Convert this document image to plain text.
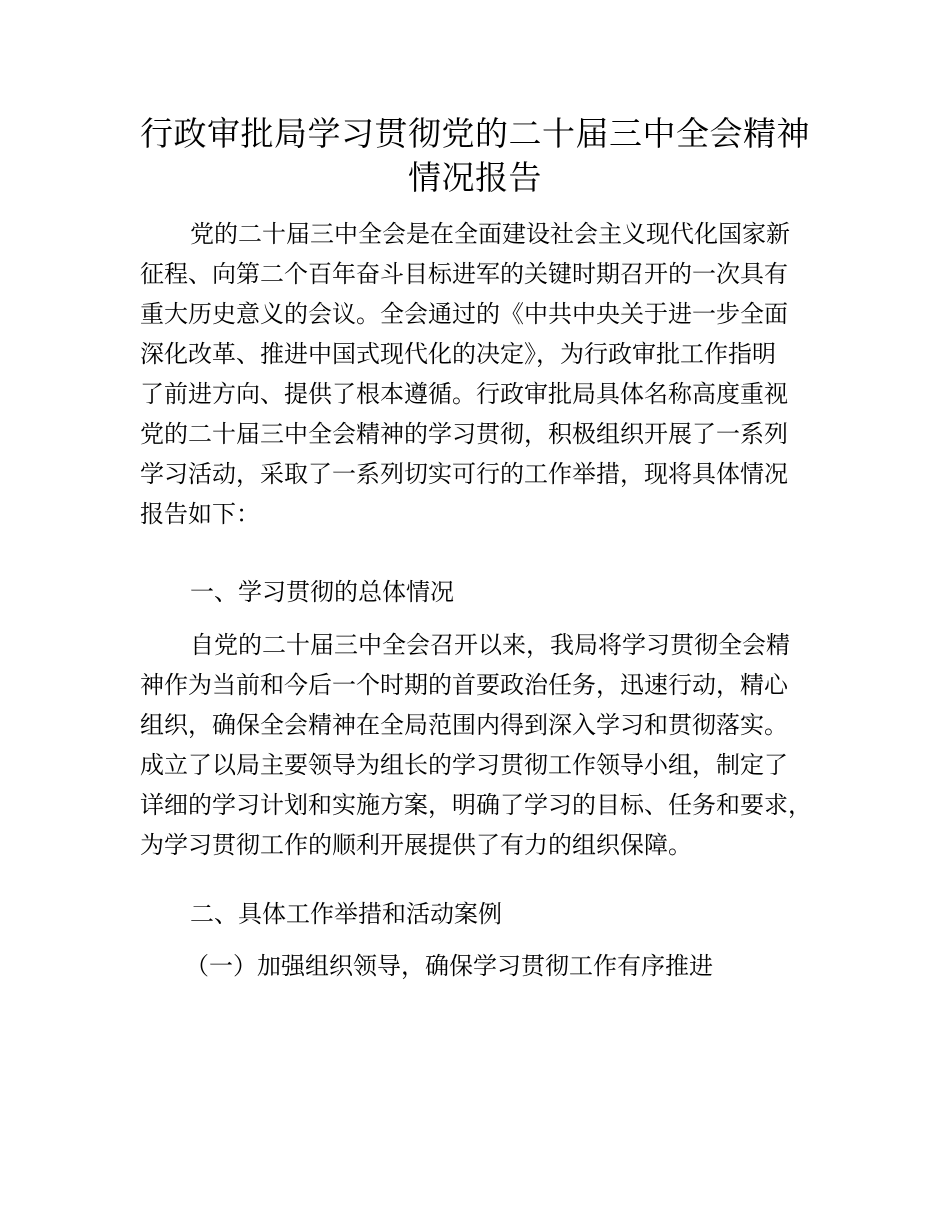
行政审批局学习贯彻党的二十届三中全会精神
情况报告
党的二十届三中全会是在全面建设社会主义现代化国家新
征程、向第二个百年奋斗目标进军的关键时期召开的一次具有
重大历史意义的会议。全会通过的《中共中央关于进一步全面
深化改革、推进中国式现代化的决定》，为行政审批工作指明
了前进方向、提供了根本遵循。行政审批局具体名称高度重视
党的二十届三中全会精神的学习贯彻，积极组织开展了一系列
学习活动，采取了一系列切实可行的工作举措，现将具体情况
报告如下：
一、学习贯彻的总体情况
自党的二十届三中全会召开以来，我局将学习贯彻全会精
神作为当前和今后一个时期的首要政治任务，迅速行动，精心
组织，确保全会精神在全局范围内得到深入学习和贯彻落实。
成立了以局主要领导为组长的学习贯彻工作领导小组，制定了
详细的学习计划和实施方案，明确了学习的目标、任务和要求，
为学习贯彻工作的顺利开展提供了有力的组织保障。
二、具体工作举措和活动案例
（一）加强组织领导，确保学习贯彻工作有序推进
